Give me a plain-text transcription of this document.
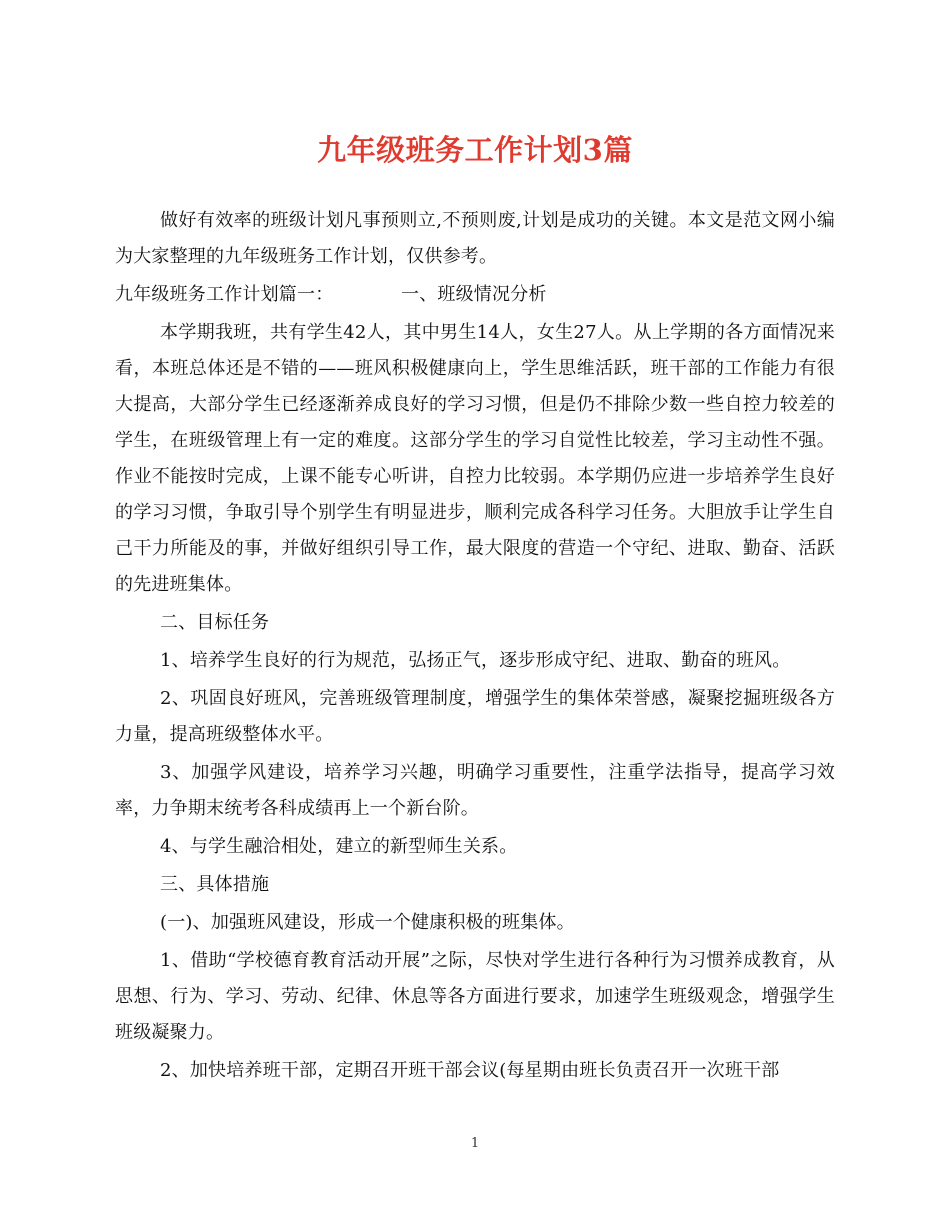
九年级班务工作计划3篇

做好有效率的班级计划凡事预则立,不预则废,计划是成功的关键。本文是范文网小编为大家整理的九年级班务工作计划，仅供参考。

九年级班务工作计划篇一：	一、班级情况分析

本学期我班，共有学生42人，其中男生14人，女生27人。从上学期的各方面情况来看，本班总体还是不错的——班风积极健康向上，学生思维活跃，班干部的工作能力有很大提高，大部分学生已经逐渐养成良好的学习习惯，但是仍不排除少数一些自控力较差的学生，在班级管理上有一定的难度。这部分学生的学习自觉性比较差，学习主动性不强。作业不能按时完成，上课不能专心听讲，自控力比较弱。本学期仍应进一步培养学生良好的学习习惯，争取引导个别学生有明显进步，顺利完成各科学习任务。大胆放手让学生自己干力所能及的事，并做好组织引导工作，最大限度的营造一个守纪、进取、勤奋、活跃的先进班集体。

二、目标任务

1、培养学生良好的行为规范，弘扬正气，逐步形成守纪、进取、勤奋的班风。

2、巩固良好班风，完善班级管理制度，增强学生的集体荣誉感，凝聚挖掘班级各方力量，提高班级整体水平。

3、加强学风建设，培养学习兴趣，明确学习重要性，注重学法指导，提高学习效率，力争期末统考各科成绩再上一个新台阶。

4、与学生融洽相处，建立的新型师生关系。

三、具体措施

(一)、加强班风建设，形成一个健康积极的班集体。

1、借助“学校德育教育活动开展”之际，尽快对学生进行各种行为习惯养成教育，从思想、行为、学习、劳动、纪律、休息等各方面进行要求，加速学生班级观念，增强学生班级凝聚力。

2、加快培养班干部，定期召开班干部会议(每星期由班长负责召开一次班干部

1
